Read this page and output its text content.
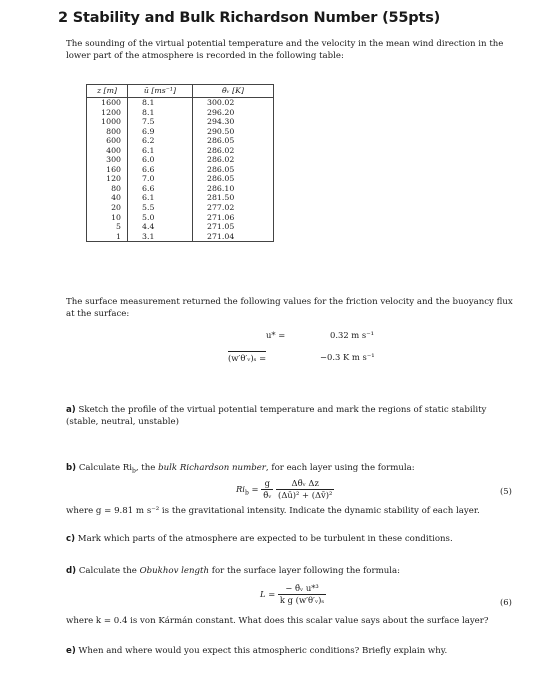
2 Stability and Bulk Richardson Number (55pts)
The sounding of the virtual potential temperature and the velocity in the mean wind direction in the lower part of the atmosphere is recorded in the following table:
z [m]	ū [ms⁻¹]	θ̄ᵥ [K]
1600	8.1	300.02
1200	8.1	296.20
1000	7.5	294.30
800	6.9	290.50
600	6.2	286.05
400	6.1	286.02
300	6.0	286.02
160	6.6	286.05
120	7.0	286.05
80	6.6	286.10
40	6.1	281.50
20	5.5	277.02
10	5.0	271.06
5	4.4	271.05
1	3.1	271.04
The surface measurement returned the following values for the friction velocity and the buoyancy flux at the surface:
u* =	0.32 m s⁻¹
(w′θ′ᵥ)ₛ =	−0.3 K m s⁻¹
a) Sketch the profile of the virtual potential temperature and mark the regions of static stability (stable, neutral, unstable)
b) Calculate $Ri_b$, the bulk Richardson number, for each layer using the formula:
$Ri_b = \frac{g}{\text{θ̄ᵥ}}$
$\frac{\text{Δθ̄ᵥ Δz}}{\text{(Δū)² + (Δv̄)²}}$	(5)
where g = 9.81 m s⁻² is the gravitational intensity. Indicate the dynamic stability of each layer.
c) Mark which parts of the atmosphere are expected to be turbulent in these conditions.
d) Calculate the Obukhov length for the surface layer following the formula:
$L = \frac{\text{− θ̄ᵥ u*³}}{\text{k g (w′θ′ᵥ)ₛ}}$	(6)
where k = 0.4 is von Kármán constant. What does this scalar value says about the surface layer?
e) When and where would you expect this atmospheric conditions? Briefly explain why.
